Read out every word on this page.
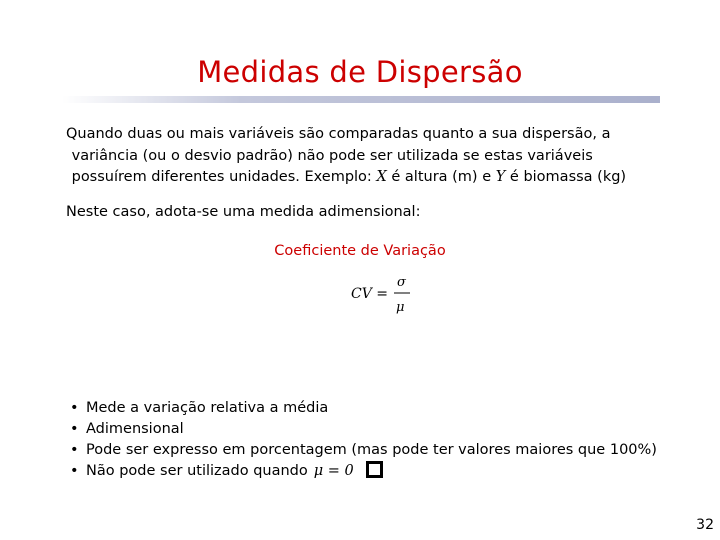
Medidas de Dispersão
Quando duas ou mais variáveis são comparadas quanto a sua dispersão, a
variância (ou o desvio padrão) não pode ser utilizada se estas variáveis
possuírem diferentes unidades. Exemplo: X é altura (m) e Y é biomassa (kg)
Neste caso, adota-se uma medida adimensional:
Coeficiente de Variação
CV =
σ
μ
• Mede a variação relativa a média
• Adimensional
• Pode ser expresso em porcentagem (mas pode ter valores maiores que 100%)
• Não pode ser utilizado quando μ = 0
32
